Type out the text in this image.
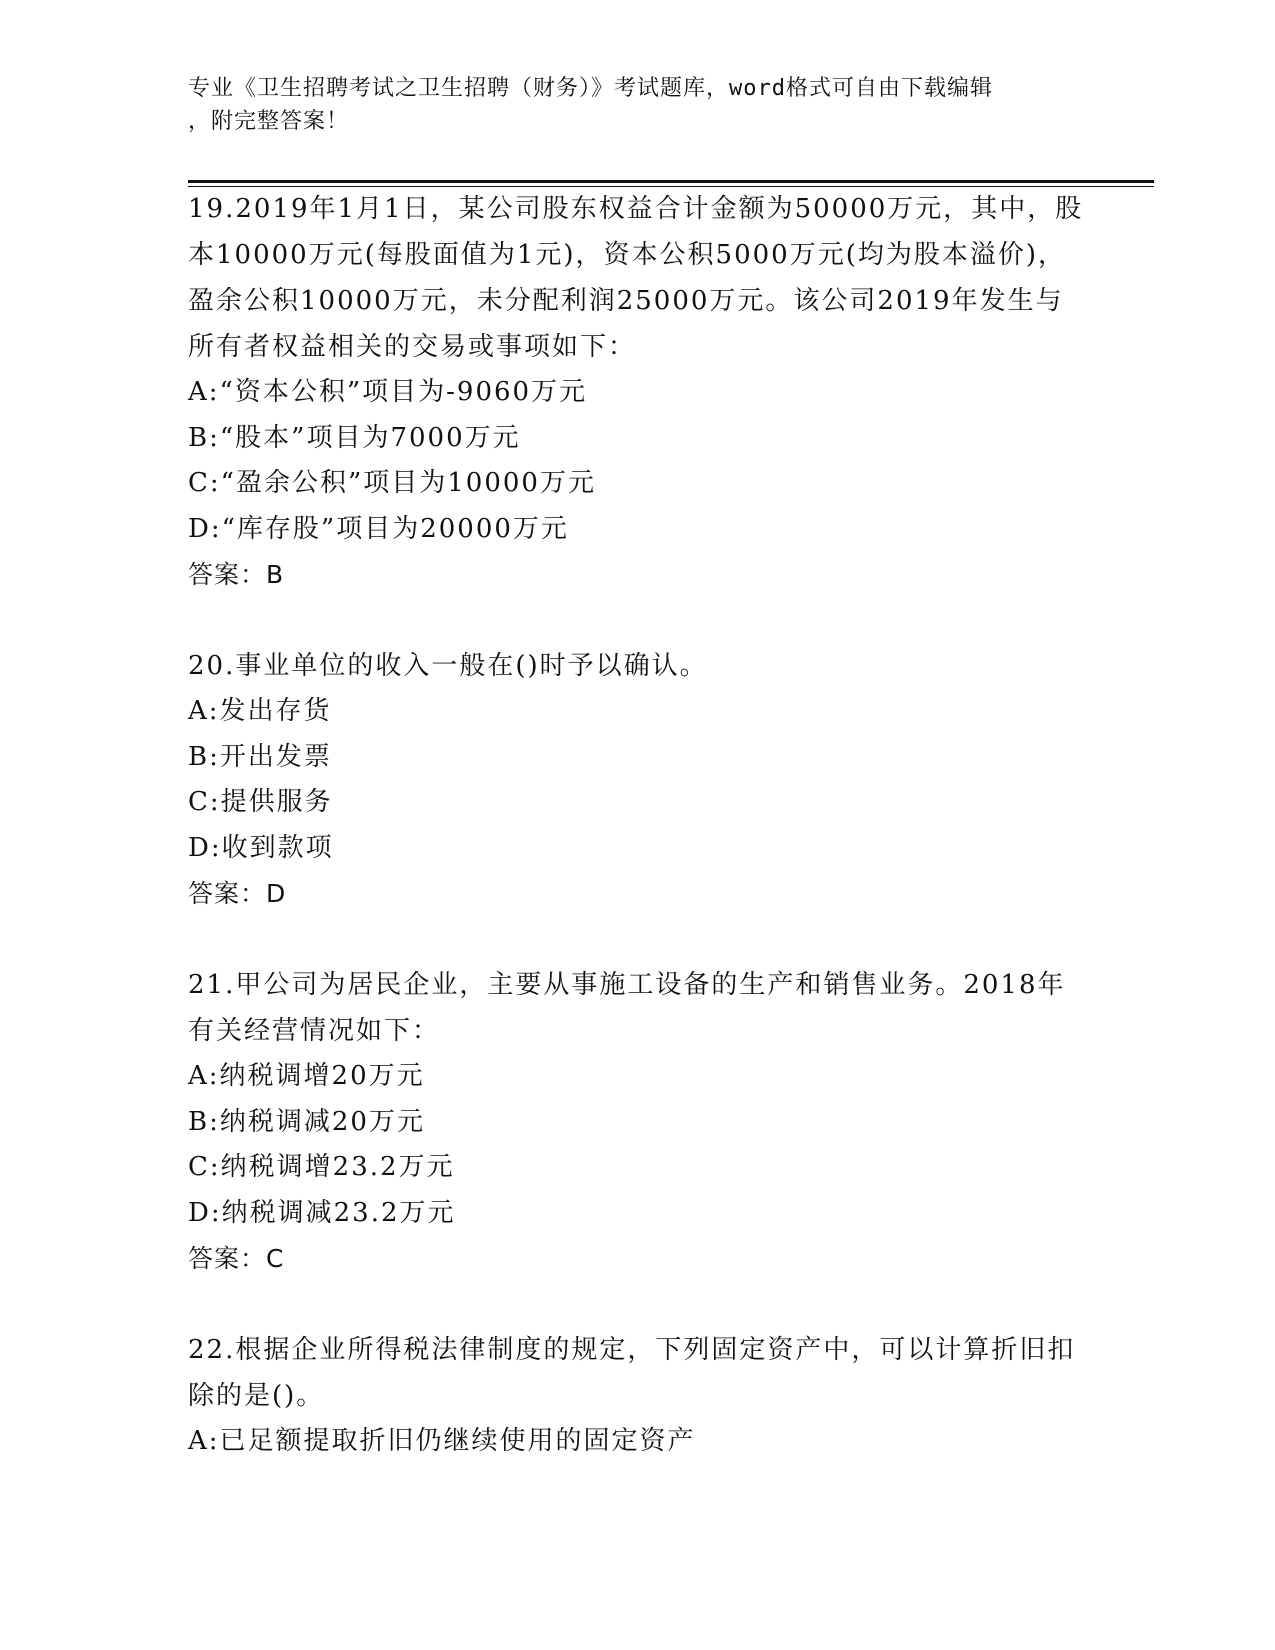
专业《卫生招聘考试之卫生招聘（财务）》考试题库，word格式可自由下载编辑
，附完整答案！
19.2019年1月1日，某公司股东权益合计金额为50000万元，其中，股本10000万元(每股面值为1元)，资本公积5000万元(均为股本溢价)，盈余公积10000万元，未分配利润25000万元。该公司2019年发生与所有者权益相关的交易或事项如下：
A:“资本公积”项目为-9060万元
B:“股本”项目为7000万元
C:“盈余公积”项目为10000万元
D:“库存股”项目为20000万元
答案：B
20.事业单位的收入一般在()时予以确认。
A:发出存货
B:开出发票
C:提供服务
D:收到款项
答案：D
21.甲公司为居民企业，主要从事施工设备的生产和销售业务。2018年有关经营情况如下：
A:纳税调增20万元
B:纳税调减20万元
C:纳税调增23.2万元
D:纳税调减23.2万元
答案：C
22.根据企业所得税法律制度的规定，下列固定资产中，可以计算折旧扣除的是()。
A:已足额提取折旧仍继续使用的固定资产
